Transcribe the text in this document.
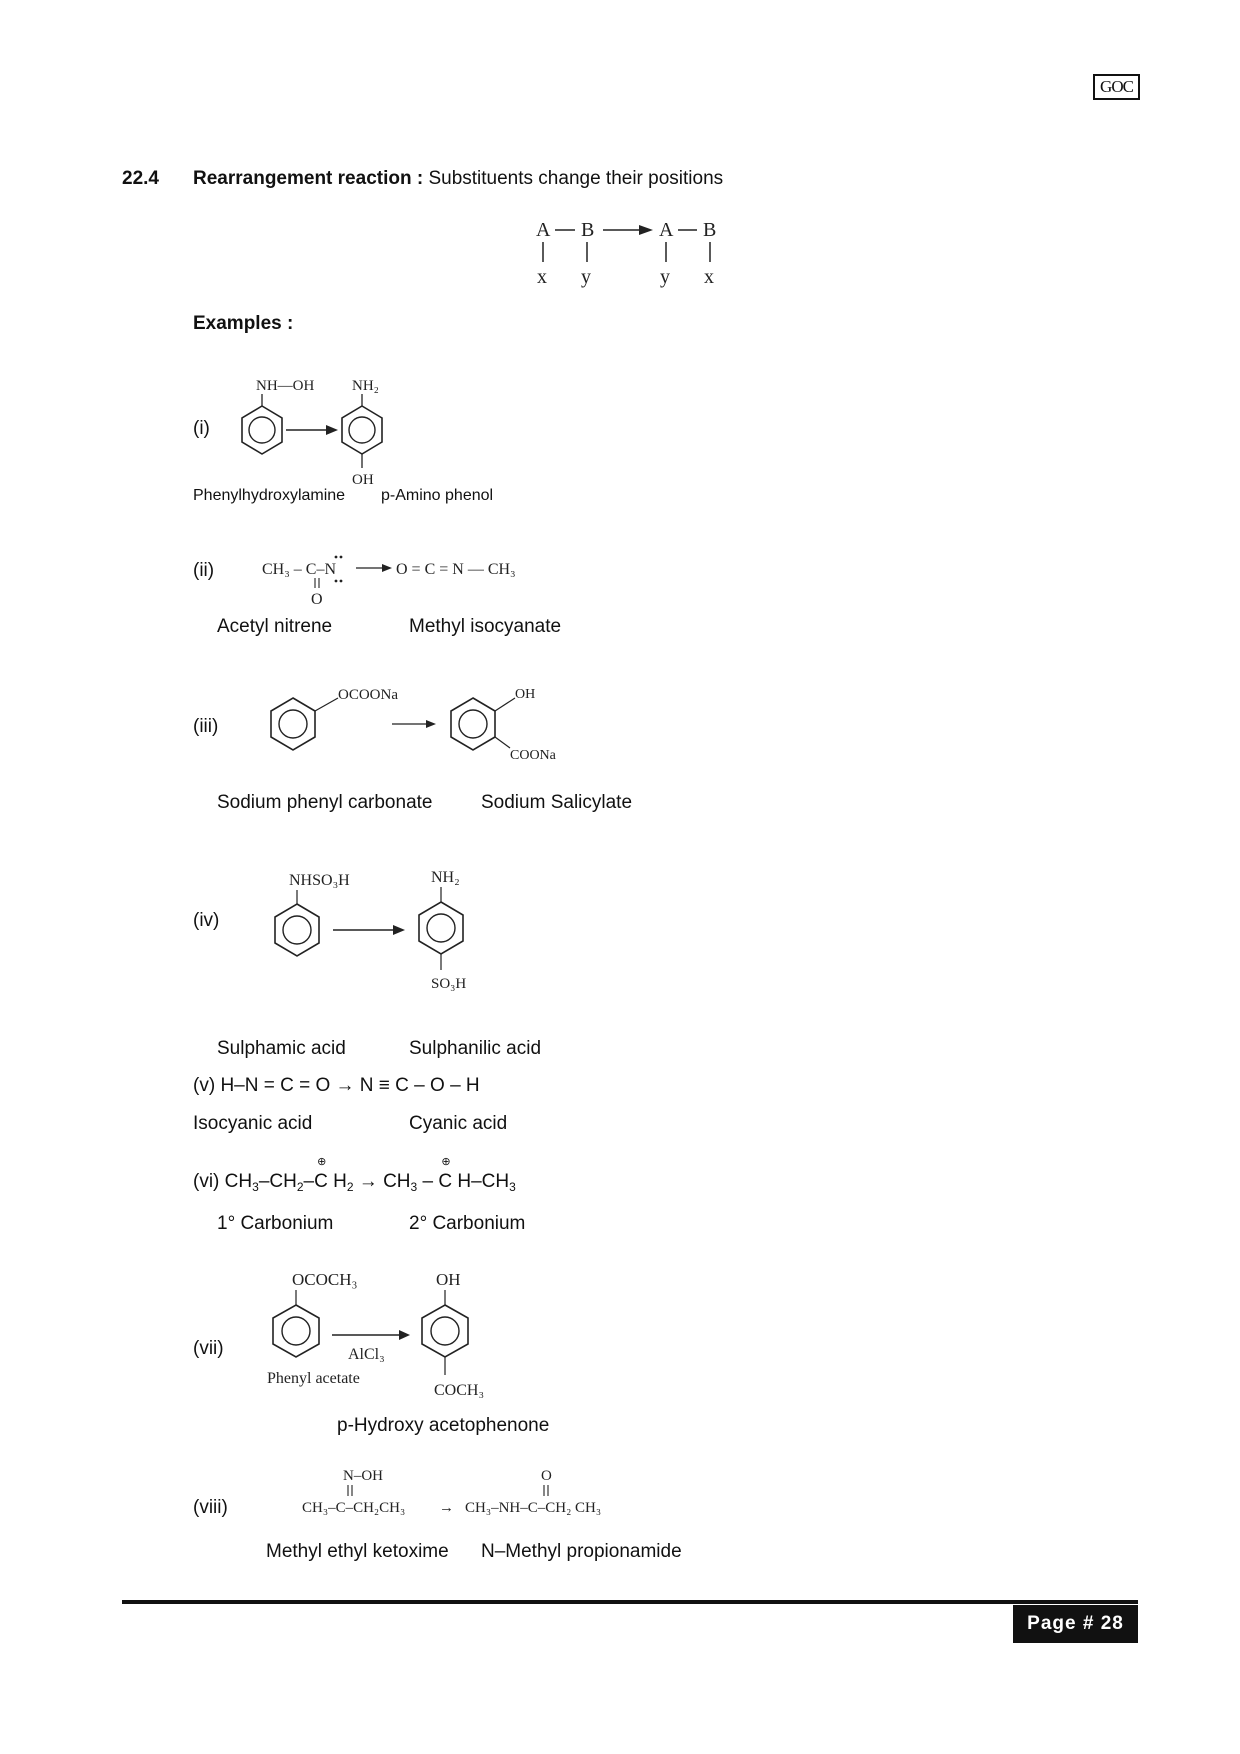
GOC
22.4 Rearrangement reaction : Substituents change their positions
A B
x y
A B
y x
Examples :
(i)
NH—OH	NH₂
OH
Phenylhydroxylamine p-Amino phenol
(ii)	CH₃ – C–N
O
O = C = N — CH₃
Acetyl nitrene	Methyl isocyanate
(iii)
OCOONa	OH
COONa
Sodium phenyl carbonate	Sodium Salicylate
(iv)
NHSO₃H	NH₂
SO₃H
Sulphamic acid	Sulphanilic acid
(v) H–N = C = O → N ≡ C – O – H
Isocyanic acid	Cyanic acid
(vi) $CH_3-CH_2-C$
⊕
$H_2 \to CH_3 - C$
⊕
$H-CH_3$
1° Carbonium	2° Carbonium
(vii)
OCOCH₃
Phenyl acetate
AlCl₃
OH
COCH₃
p-Hydroxy acetophenone
(viii)
N–OH
CH₃–C–CH₂CH₃ →
O
CH₃–NH–C–CH₂ CH₃
Methyl ethyl ketoxime N–Methyl propionamide
Page # 28
